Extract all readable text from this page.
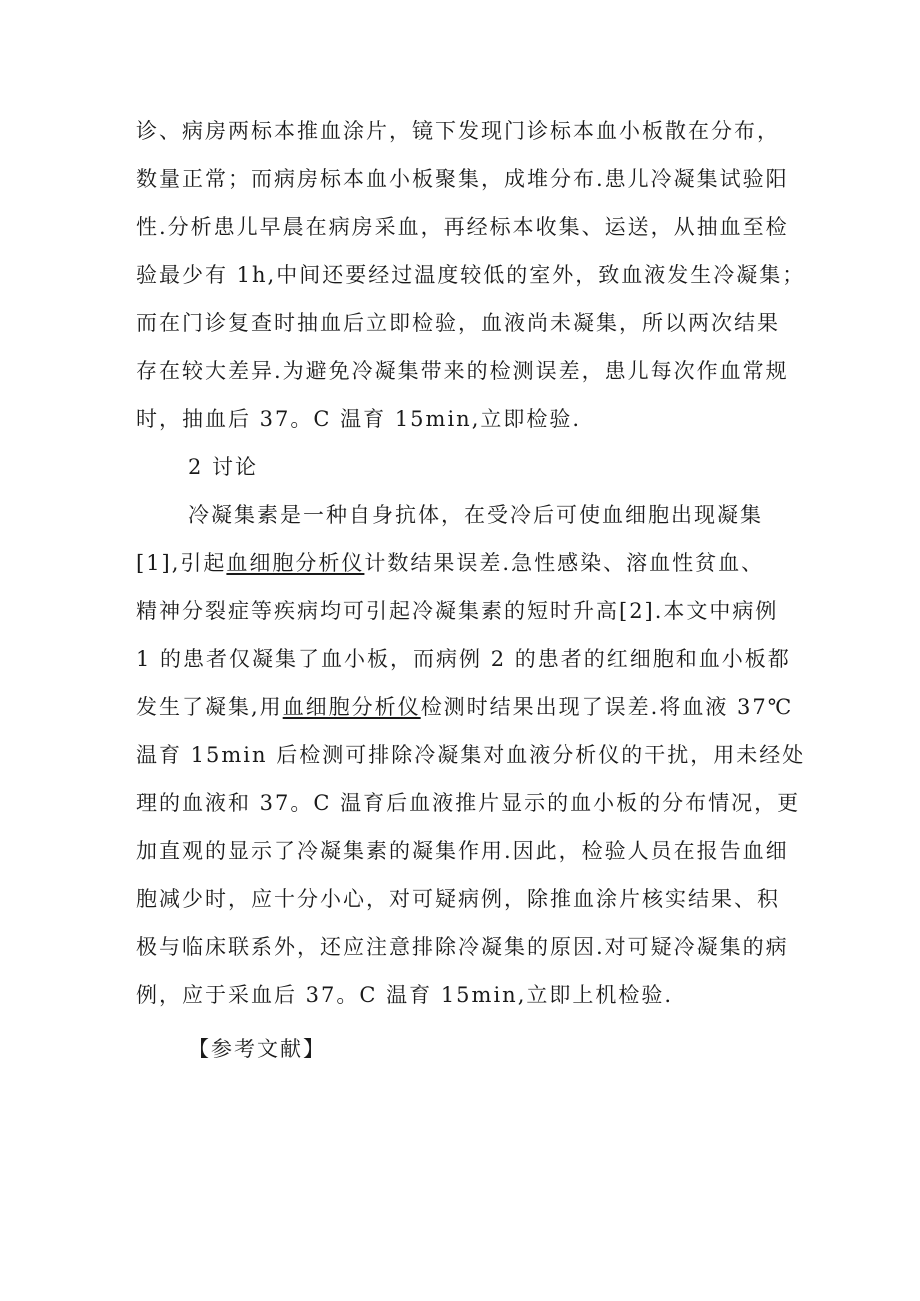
诊、病房两标本推血涂片，镜下发现门诊标本血小板散在分布，
数量正常；而病房标本血小板聚集，成堆分布.患儿冷凝集试验阳
性.分析患儿早晨在病房采血，再经标本收集、运送，从抽血至检
验最少有 1h,中间还要经过温度较低的室外，致血液发生冷凝集；
而在门诊复查时抽血后立即检验，血液尚未凝集，所以两次结果
存在较大差异.为避免冷凝集带来的检测误差，患儿每次作血常规
时，抽血后 37。C 温育 15min,立即检验.
2 讨论
冷凝集素是一种自身抗体，在受冷后可使血细胞出现凝集
[1],引起血细胞分析仪计数结果误差.急性感染、溶血性贫血、
精神分裂症等疾病均可引起冷凝集素的短时升高[2].本文中病例
1 的患者仅凝集了血小板，而病例 2 的患者的红细胞和血小板都
发生了凝集,用血细胞分析仪检测时结果出现了误差.将血液 37℃
温育 15min 后检测可排除冷凝集对血液分析仪的干扰，用未经处
理的血液和 37。C 温育后血液推片显示的血小板的分布情况，更
加直观的显示了冷凝集素的凝集作用.因此，检验人员在报告血细
胞减少时，应十分小心，对可疑病例，除推血涂片核实结果、积
极与临床联系外，还应注意排除冷凝集的原因.对可疑冷凝集的病
例，应于采血后 37。C 温育 15min,立即上机检验.
【参考文献】
